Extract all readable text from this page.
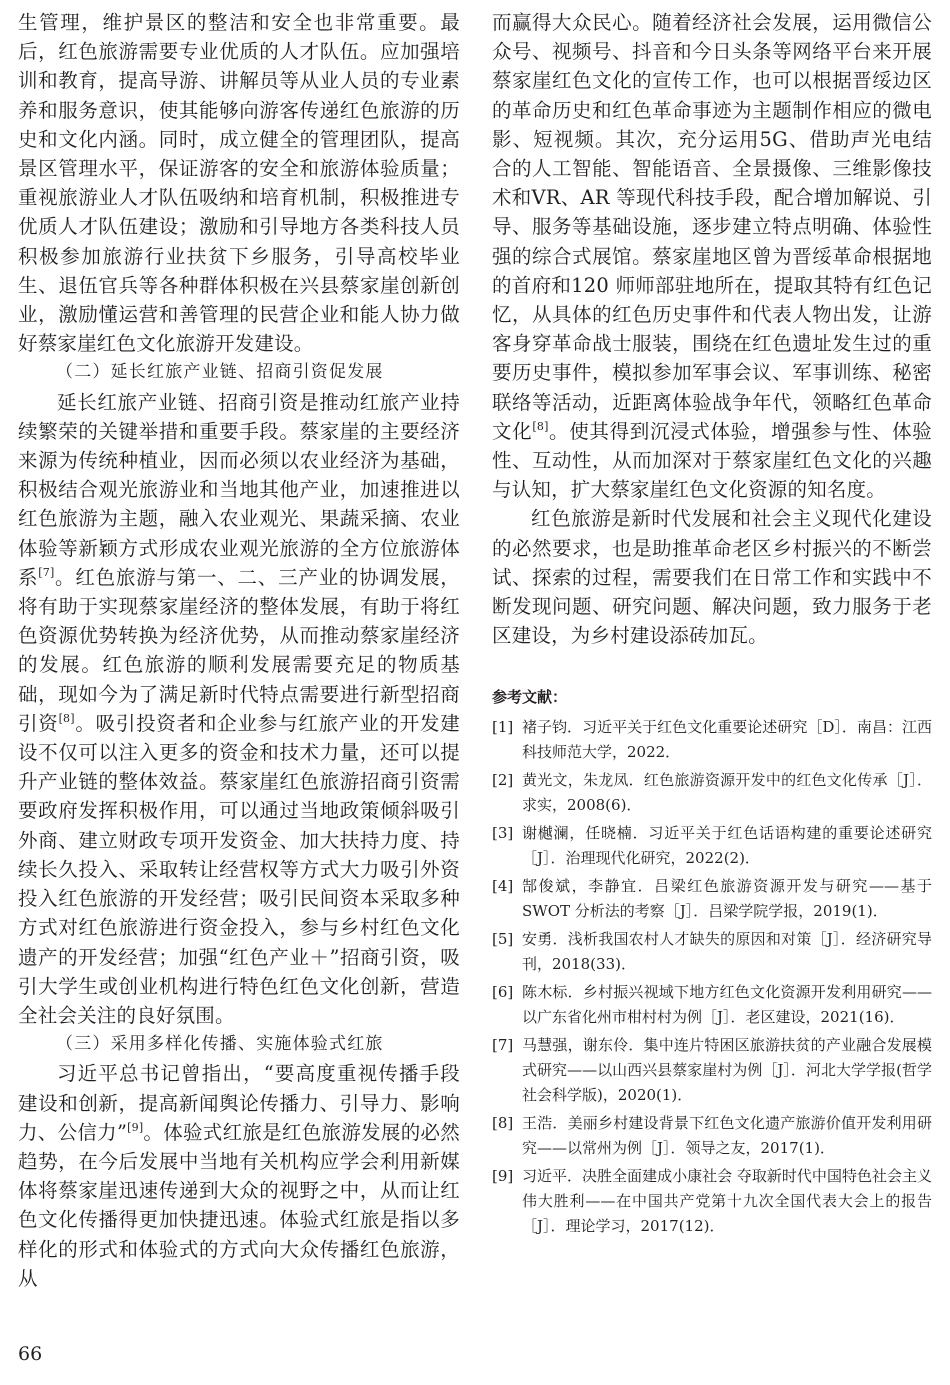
生管理，维护景区的整洁和安全也非常重要。最后，红色旅游需要专业优质的人才队伍。应加强培训和教育，提高导游、讲解员等从业人员的专业素养和服务意识，使其能够向游客传递红色旅游的历史和文化内涵。同时，成立健全的管理团队，提高景区管理水平，保证游客的安全和旅游体验质量；重视旅游业人才队伍吸纳和培育机制，积极推进专优质人才队伍建设；激励和引导地方各类科技人员积极参加旅游行业扶贫下乡服务，引导高校毕业生、退伍官兵等各种群体积极在兴县蔡家崖创新创业，激励懂运营和善管理的民营企业和能人协力做好蔡家崖红色文化旅游开发建设。

（二）延长红旅产业链、招商引资促发展

延长红旅产业链、招商引资是推动红旅产业持续繁荣的关键举措和重要手段。蔡家崖的主要经济来源为传统种植业，因而必须以农业经济为基础，积极结合观光旅游业和当地其他产业，加速推进以红色旅游为主题，融入农业观光、果蔬采摘、农业体验等新颖方式形成农业观光旅游的全方位旅游体系[7]。红色旅游与第一、二、三产业的协调发展，将有助于实现蔡家崖经济的整体发展，有助于将红色资源优势转换为经济优势，从而推动蔡家崖经济的发展。红色旅游的顺利发展需要充足的物质基础，现如今为了满足新时代特点需要进行新型招商引资[8]。吸引投资者和企业参与红旅产业的开发建设不仅可以注入更多的资金和技术力量，还可以提升产业链的整体效益。蔡家崖红色旅游招商引资需要政府发挥积极作用，可以通过当地政策倾斜吸引外商、建立财政专项开发资金、加大扶持力度、持续长久投入、采取转让经营权等方式大力吸引外资投入红色旅游的开发经营；吸引民间资本采取多种方式对红色旅游进行资金投入，参与乡村红色文化遗产的开发经营；加强“红色产业＋”招商引资，吸引大学生或创业机构进行特色红色文化创新，营造全社会关注的良好氛围。

（三）采用多样化传播、实施体验式红旅

习近平总书记曾指出，“要高度重视传播手段建设和创新，提高新闻舆论传播力、引导力、影响力、公信力”[9]。体验式红旅是红色旅游发展的必然趋势，在今后发展中当地有关机构应学会利用新媒体将蔡家崖迅速传递到大众的视野之中，从而让红色文化传播得更加快捷迅速。体验式红旅是指以多样化的形式和体验式的方式向大众传播红色旅游，从

而赢得大众民心。随着经济社会发展，运用微信公众号、视频号、抖音和今日头条等网络平台来开展蔡家崖红色文化的宣传工作，也可以根据晋绥边区的革命历史和红色革命事迹为主题制作相应的微电影、短视频。其次，充分运用5G、借助声光电结合的人工智能、智能语音、全景摄像、三维影像技术和VR、AR 等现代科技手段，配合增加解说、引导、服务等基础设施，逐步建立特点明确、体验性强的综合式展馆。蔡家崖地区曾为晋绥革命根据地的首府和120 师师部驻地所在，提取其特有红色记忆，从具体的红色历史事件和代表人物出发，让游客身穿革命战士服装，围绕在红色遗址发生过的重要历史事件，模拟参加军事会议、军事训练、秘密联络等活动，近距离体验战争年代，领略红色革命文化[8]。使其得到沉浸式体验，增强参与性、体验性、互动性，从而加深对于蔡家崖红色文化的兴趣与认知，扩大蔡家崖红色文化资源的知名度。

红色旅游是新时代发展和社会主义现代化建设的必然要求，也是助推革命老区乡村振兴的不断尝试、探索的过程，需要我们在日常工作和实践中不断发现问题、研究问题、解决问题，致力服务于老区建设，为乡村建设添砖加瓦。

参考文献：
[1] 褚子钧．习近平关于红色文化重要论述研究［D］．南昌：江西科技师范大学，2022．
[2] 黄光文，朱龙凤．红色旅游资源开发中的红色文化传承［J］．求实，2008(6)．
[3] 谢樾澜，任晓楠．习近平关于红色话语构建的重要论述研究［J］．治理现代化研究，2022(2)．
[4] 郜俊斌，李静宜．吕梁红色旅游资源开发与研究——基于 SWOT 分析法的考察［J］．吕梁学院学报，2019(1)．
[5] 安勇．浅析我国农村人才缺失的原因和对策［J］．经济研究导刊，2018(33)．
[6] 陈木标．乡村振兴视域下地方红色文化资源开发利用研究——以广东省化州市柑村村为例［J］．老区建设，2021(16)．
[7] 马慧强，谢东伶．集中连片特困区旅游扶贫的产业融合发展模式研究——以山西兴县蔡家崖村为例［J］．河北大学学报(哲学社会科学版)，2020(1)．
[8] 王浩．美丽乡村建设背景下红色文化遗产旅游价值开发利用研究——以常州为例［J］．领导之友，2017(1)．
[9] 习近平．决胜全面建成小康社会 夺取新时代中国特色社会主义伟大胜利——在中国共产党第十九次全国代表大会上的报告［J］．理论学习，2017(12)．
66
